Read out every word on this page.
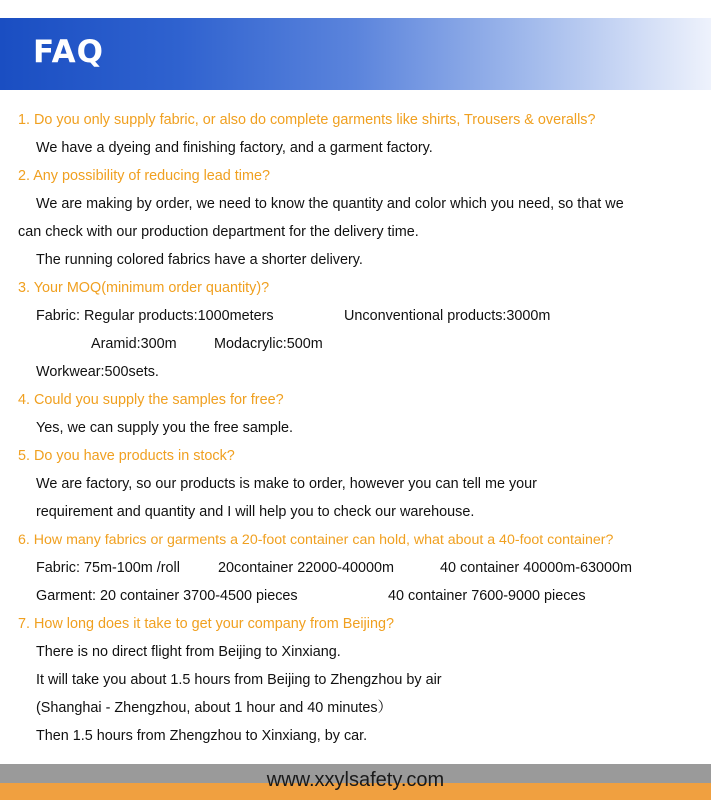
FAQ
1. Do you only supply fabric, or also do complete garments like shirts, Trousers & overalls?
We have a dyeing and finishing factory, and a garment factory.
2. Any possibility of reducing lead time?
We are making by order, we need to know the quantity and color which you need, so that we
can check with our production department for the delivery time.
The running colored fabrics have a shorter delivery.
3. Your MOQ(minimum order quantity)?
Fabric: Regular products:1000meters	Unconventional products:3000m
Aramid:300m	Modacrylic:500m
Workwear:500sets.
4. Could you supply the samples for free?
Yes, we can supply you the free sample.
5. Do you have products in stock?
We are factory, so our products is make to order, however you can tell me your
requirement and quantity and I will help you to check our warehouse.
6. How many fabrics or garments a 20-foot container can hold, what about a 40-foot container?
Fabric: 75m-100m /roll	20container 22000-40000m	40 container 40000m-63000m
Garment: 20 container 3700-4500 pieces	40 container 7600-9000 pieces
7. How long does it take to get your company from Beijing?
There is no direct flight from Beijing to Xinxiang.
It will take you about 1.5 hours from Beijing to Zhengzhou by air
(Shanghai - Zhengzhou, about 1 hour and 40 minutes）
Then 1.5 hours from Zhengzhou to Xinxiang, by car.
www.xxylsafety.com
